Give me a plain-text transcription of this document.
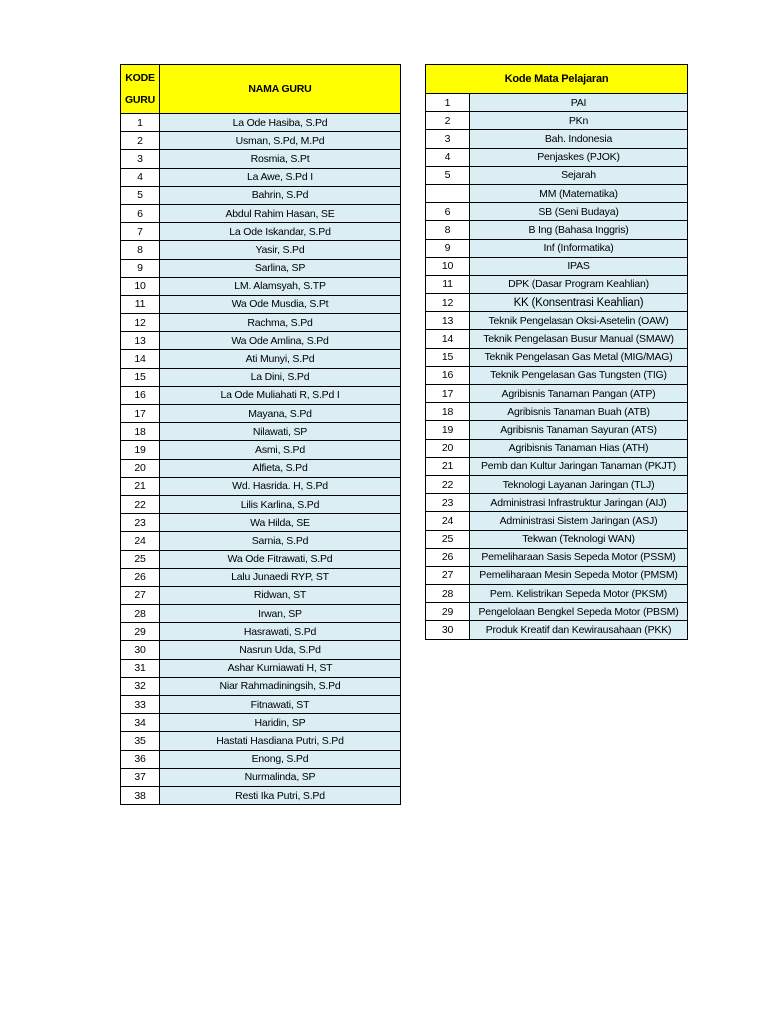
KODE
GURU	NAMA GURU
1	La Ode Hasiba, S.Pd
2	Usman, S.Pd, M.Pd
3	Rosmia, S.Pt
4	La Awe, S.Pd I
5	Bahrin, S.Pd
6	Abdul Rahim Hasan, SE
7	La Ode Iskandar, S.Pd
8	Yasir, S.Pd
9	Sarlina, SP
10	LM. Alamsyah, S.TP
11	Wa Ode Musdia, S.Pt
12	Rachma, S.Pd
13	Wa Ode Amlina, S.Pd
14	Ati Munyi, S.Pd
15	La Dini, S.Pd
16	La Ode Muliahati R, S.Pd I
17	Mayana, S.Pd
18	Nilawati, SP
19	Asmi, S.Pd
20	Alfieta, S.Pd
21	Wd. Hasrida. H, S.Pd
22	Lilis Karlina, S.Pd
23	Wa Hilda, SE
24	Sarnia, S.Pd
25	Wa Ode Fitrawati, S.Pd
26	Lalu Junaedi RYP, ST
27	Ridwan, ST
28	Irwan, SP
29	Hasrawati, S.Pd
30	Nasrun Uda, S.Pd
31	Ashar Kurniawati H, ST
32	Niar Rahmadiningsih, S.Pd
33	Fitnawati, ST
34	Haridin, SP
35	Hastati Hasdiana Putri, S.Pd
36	Enong, S.Pd
37	Nurmalinda, SP
38	Resti Ika Putri, S.Pd
Kode Mata Pelajaran	
1	PAI
2	PKn
3	Bah. Indonesia
4	Penjaskes (PJOK)
5	Sejarah
	MM (Matematika)
6	SB (Seni Budaya)
8	B Ing (Bahasa Inggris)
9	Inf (Informatika)
10	IPAS
11	DPK (Dasar Program Keahlian)
12	KK (Konsentrasi Keahlian)
13	Teknik Pengelasan Oksi-Asetelin (OAW)
14	Teknik Pengelasan Busur Manual (SMAW)
15	Teknik Pengelasan Gas Metal (MIG/MAG)
16	Teknik Pengelasan Gas Tungsten (TIG)
17	Agribisnis Tanaman Pangan (ATP)
18	Agribisnis Tanaman Buah (ATB)
19	Agribisnis Tanaman Sayuran (ATS)
20	Agribisnis Tanaman Hias (ATH)
21	Pemb dan Kultur Jaringan Tanaman (PKJT)
22	Teknologi Layanan Jaringan (TLJ)
23	Administrasi Infrastruktur Jaringan (AIJ)
24	Administrasi Sistem Jaringan (ASJ)
25	Tekwan (Teknologi WAN)
26	Pemeliharaan Sasis Sepeda Motor (PSSM)
27	Pemeliharaan Mesin Sepeda Motor (PMSM)
28	Pem. Kelistrikan Sepeda Motor (PKSM)
29	Pengelolaan Bengkel Sepeda Motor (PBSM)
30	Produk Kreatif dan Kewirausahaan (PKK)
